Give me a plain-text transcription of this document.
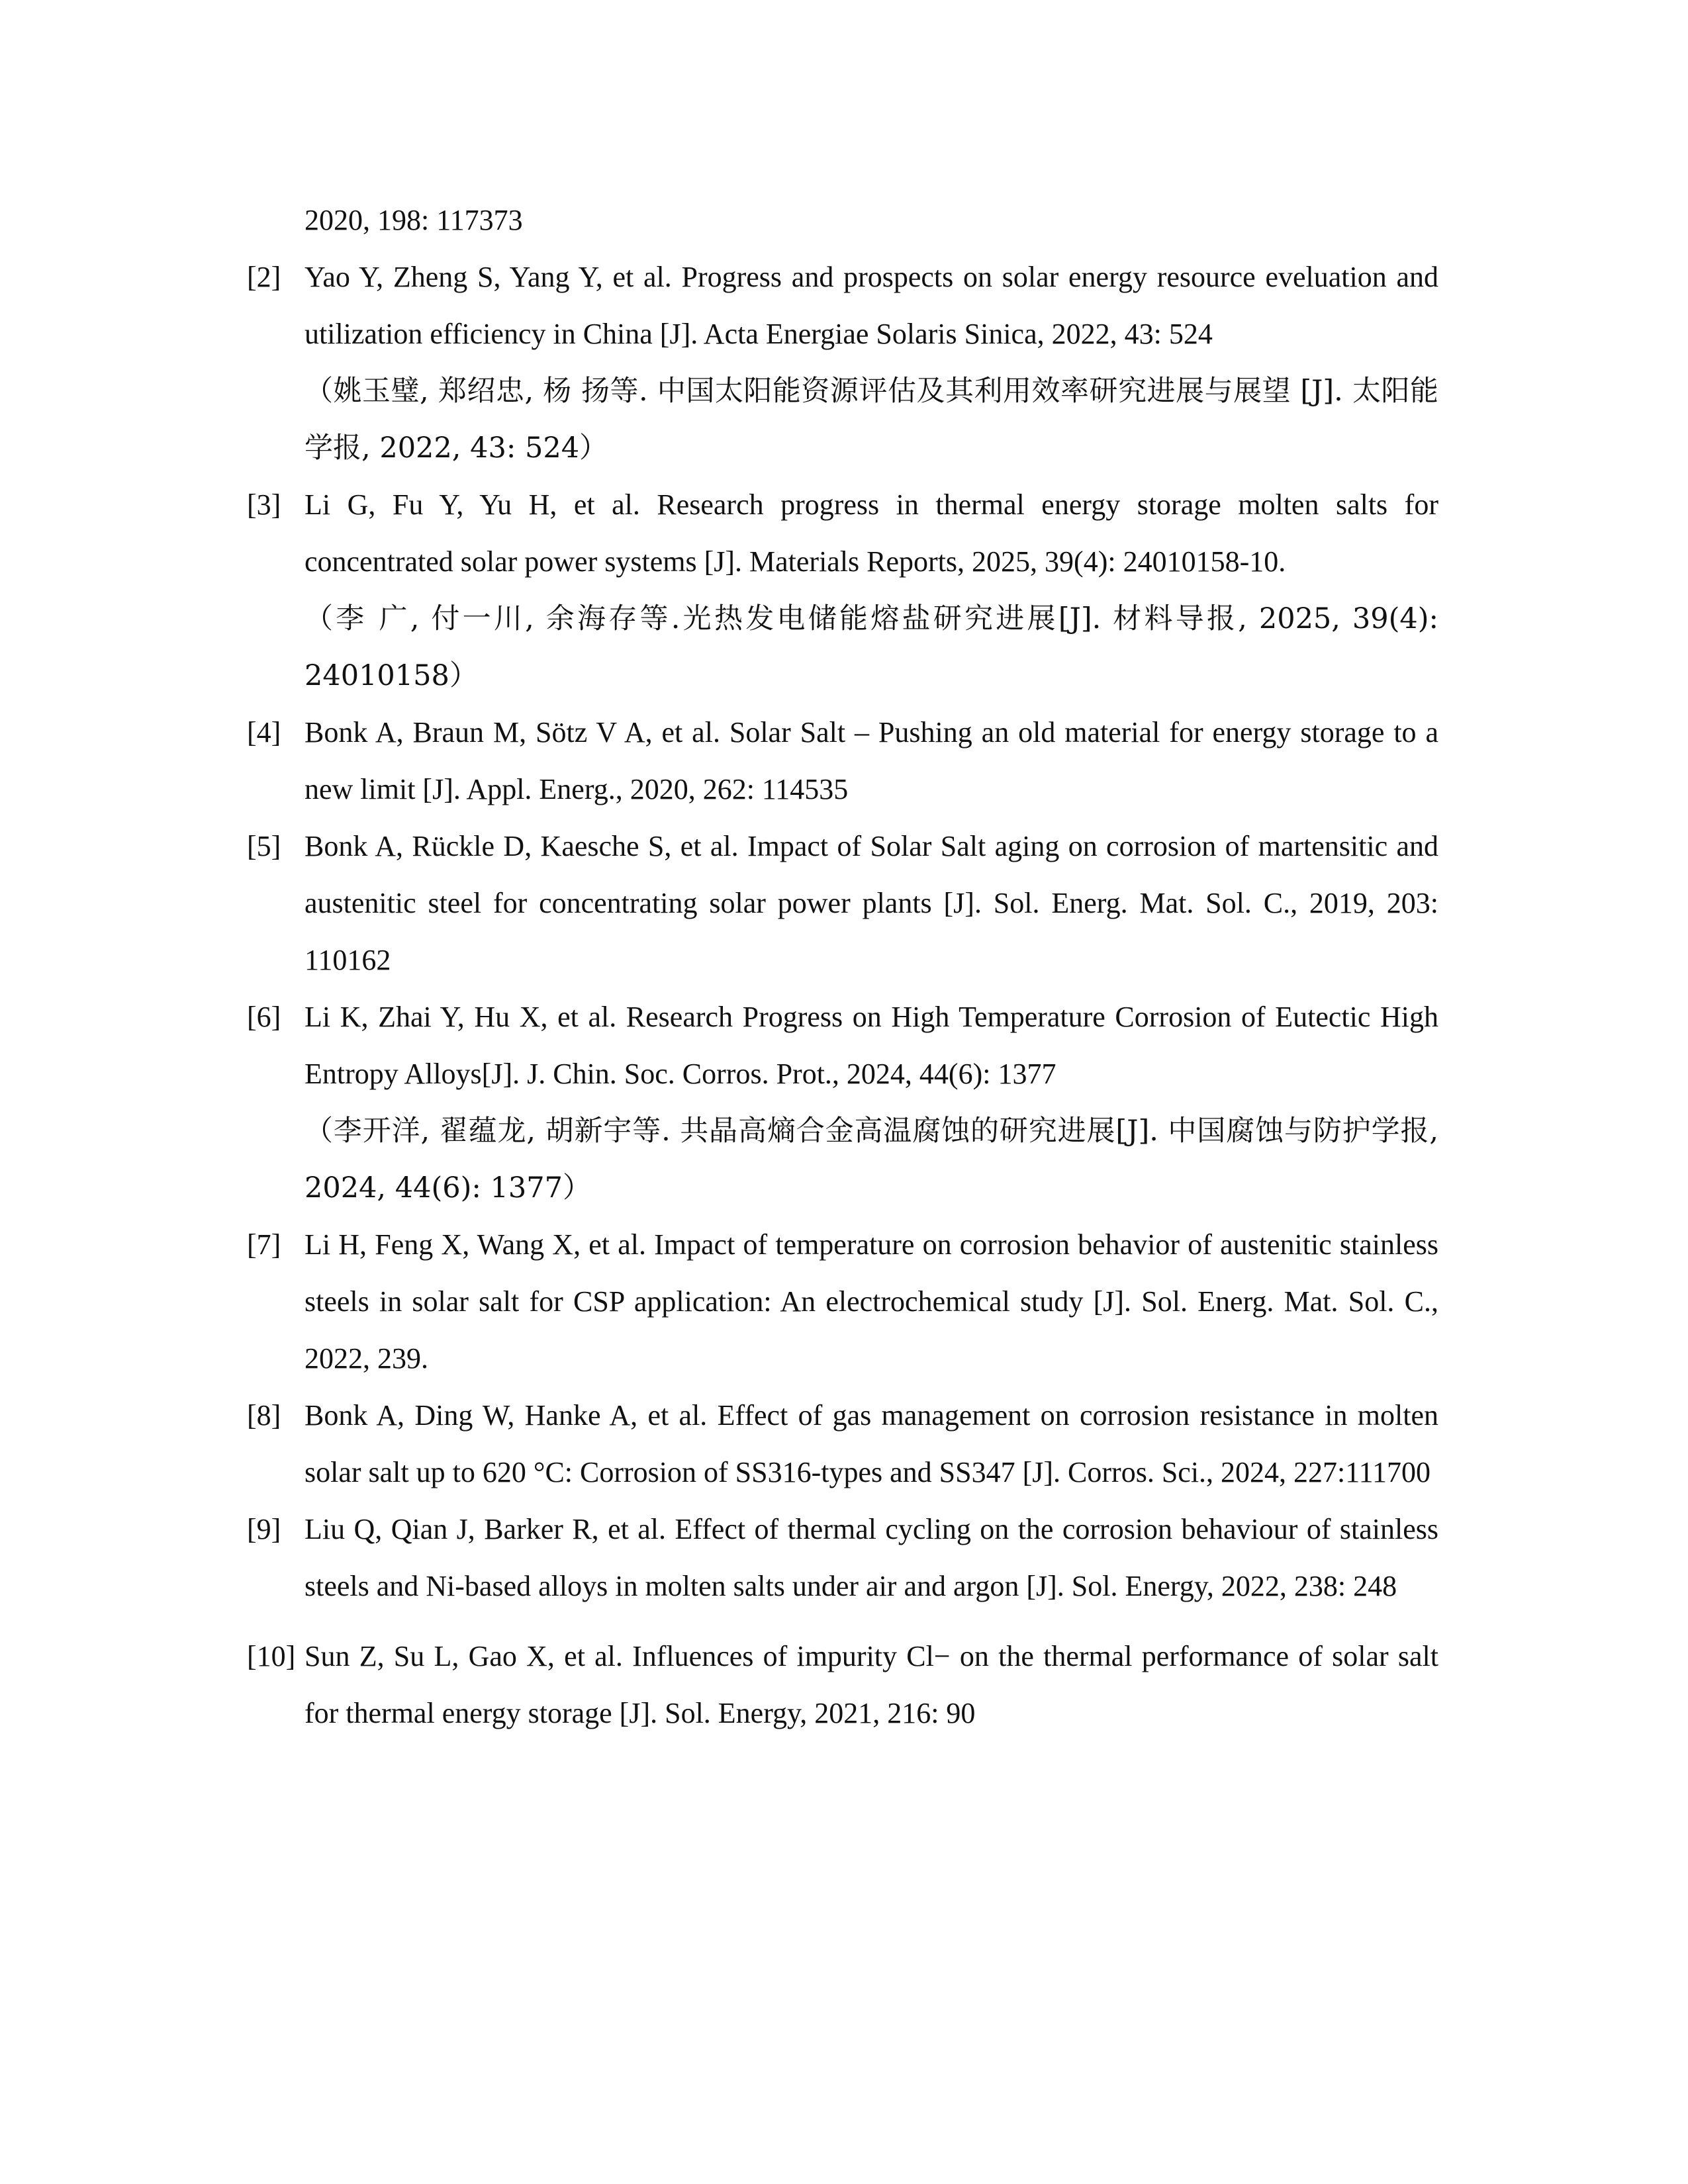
2020, 198: 117373

[2] Yao Y, Zheng S, Yang Y, et al. Progress and prospects on solar energy resource eveluation and utilization efficiency in China [J]. Acta Energiae Solaris Sinica, 2022, 43: 524
（姚玉璧, 郑绍忠, 杨 扬等. 中国太阳能资源评估及其利用效率研究进展与展望 [J]. 太阳能学报, 2022, 43: 524）
[3] Li G, Fu Y, Yu H, et al. Research progress in thermal energy storage molten salts for concentrated solar power systems [J]. Materials Reports, 2025, 39(4): 24010158-10.
（李 广, 付一川, 余海存等.光热发电储能熔盐研究进展[J]. 材料导报, 2025, 39(4): 24010158）
[4] Bonk A, Braun M, Sötz V A, et al. Solar Salt – Pushing an old material for energy storage to a new limit [J]. Appl. Energ., 2020, 262: 114535
[5] Bonk A, Rückle D, Kaesche S, et al. Impact of Solar Salt aging on corrosion of martensitic and austenitic steel for concentrating solar power plants [J]. Sol. Energ. Mat. Sol. C., 2019, 203: 110162
[6] Li K, Zhai Y, Hu X, et al. Research Progress on High Temperature Corrosion of Eutectic High Entropy Alloys[J]. J. Chin. Soc. Corros. Prot., 2024, 44(6): 1377
（李开洋, 翟蕴龙, 胡新宇等. 共晶高熵合金高温腐蚀的研究进展[J]. 中国腐蚀与防护学报, 2024, 44(6): 1377）
[7] Li H, Feng X, Wang X, et al. Impact of temperature on corrosion behavior of austenitic stainless steels in solar salt for CSP application: An electrochemical study [J]. Sol. Energ. Mat. Sol. C., 2022, 239.
[8] Bonk A, Ding W, Hanke A, et al. Effect of gas management on corrosion resistance in molten solar salt up to 620 °C: Corrosion of SS316-types and SS347 [J]. Corros. Sci., 2024, 227:111700
[9] Liu Q, Qian J, Barker R, et al. Effect of thermal cycling on the corrosion behaviour of stainless steels and Ni-based alloys in molten salts under air and argon [J]. Sol. Energy, 2022, 238: 248
[10] Sun Z, Su L, Gao X, et al. Influences of impurity Cl− on the thermal performance of solar salt for thermal energy storage [J]. Sol. Energy, 2021, 216: 90
